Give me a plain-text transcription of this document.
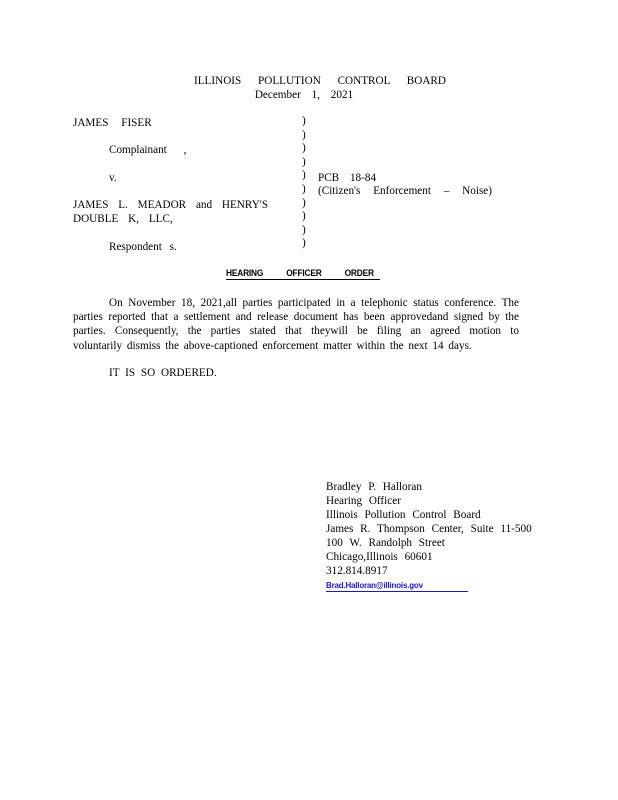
ILLINOIS POLLUTION CONTROL BOARD
December 1, 2021
JAMES FISER
Complainant ,
v.
JAMES L. MEADOR and HENRY'S
DOUBLE K, LLC,
Respondent s.
)
)
)
)
)
)
)
)
)
)
PCB 18-84
(Citizen's Enforcement – Noise)
HEARING OFFICER ORDER
On November 18, 2021,all parties participated in a telephonic status conference. The parties reported that a settlement and release document has been approvedand signed by the parties. Consequently, the parties stated that theywill be filing an agreed motion to voluntarily dismiss the above-captioned enforcement matter within the next 14 days.
IT IS SO ORDERED.
Bradley P. Halloran
Hearing Officer
Illinois Pollution Control Board
James R. Thompson Center, Suite 11-500
100 W. Randolph Street
Chicago,Illinois 60601
312.814.8917
Brad.Halloran@illinois.gov
